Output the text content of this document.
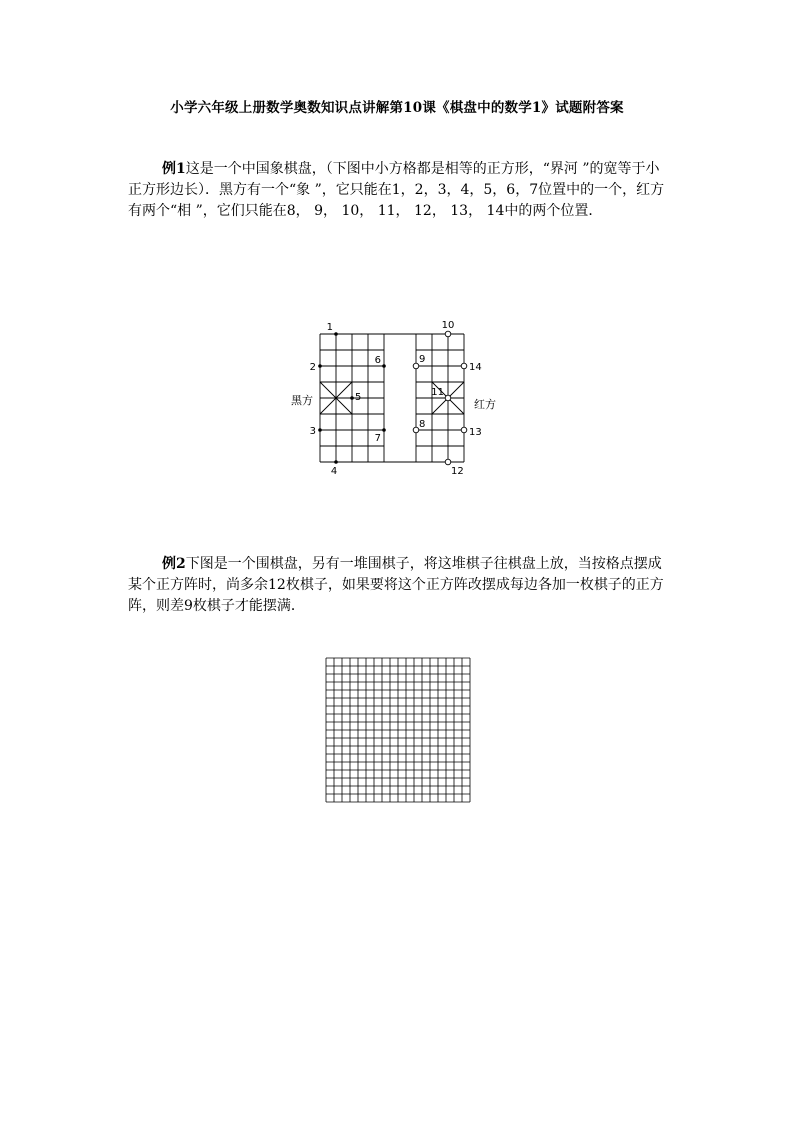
小学六年级上册数学奥数知识点讲解第10课《棋盘中的数学1》试题附答案
例1这是一个中国象棋盘，（下图中小方格都是相等的正方形，“界河 ”的宽等于小正方形边长）．黑方有一个“象 ”，它只能在1，2，3，4，5，6，7位置中的一个，红方有两个“相 ”，它们只能在8， 9， 10， 11， 12， 13， 14中的两个位置．
1
2
3
4
5
6
7
8
9
10
11
12
13
14
黑方	红方
例2下图是一个围棋盘，另有一堆围棋子，将这堆棋子往棋盘上放，当按格点摆成某个正方阵时，尚多余12枚棋子，如果要将这个正方阵改摆成每边各加一枚棋子的正方阵，则差9枚棋子才能摆满．
